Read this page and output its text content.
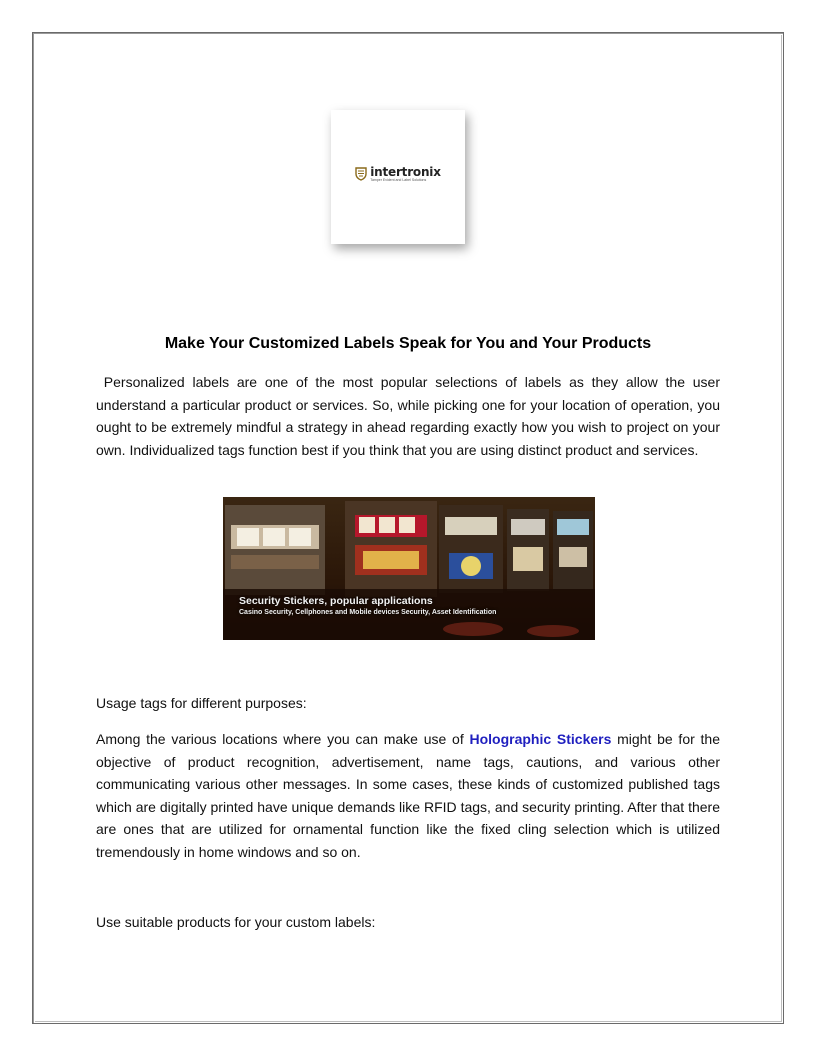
intertronix
Tamper Evident and Label Solutions
Make Your Customized Labels Speak for You and Your Products

Personalized labels are one of the most popular selections of labels as they allow the user understand a particular product or services. So, while picking one for your location of operation, you ought to be extremely mindful a strategy in ahead regarding exactly how you wish to project on your own. Individualized tags function best if you think that you are using distinct product and services.

Security Stickers, popular applications
Casino Security, Cellphones and Mobile devices Security, Asset Identification

Usage tags for different purposes:

Among the various locations where you can make use of Holographic Stickers might be for the objective of product recognition, advertisement, name tags, cautions, and various other communicating various other messages. In some cases, these kinds of customized published tags which are digitally printed have unique demands like RFID tags, and security printing. After that there are ones that are utilized for ornamental function like the fixed cling selection which is utilized tremendously in home windows and so on.

Use suitable products for your custom labels:
